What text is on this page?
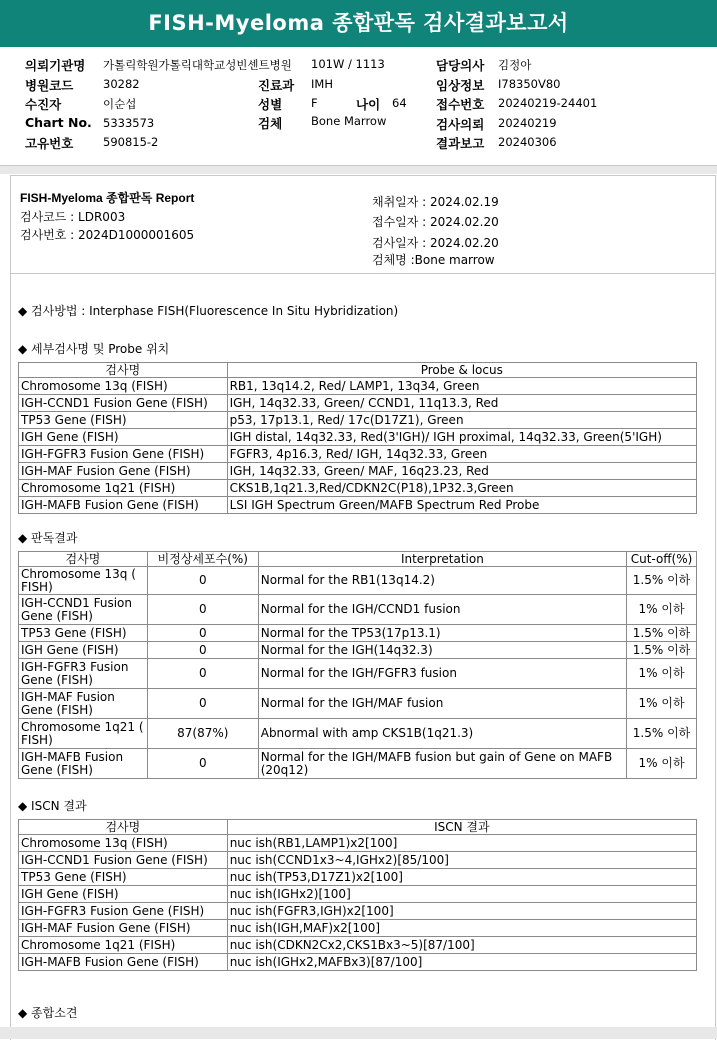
FISH-Myeloma 종합판독 검사결과보고서
의뢰기관명 가톨릭학원가톨릭대학교성빈센트병원 101W / 1113
병원코드	30282
수진자	이순섭
Chart No. 5333573
고유번호	590815-2
진료과 IMH
성별	F	나이 64
검체	Bone Marrow
담당의사 김정아
임상정보 I78350V80
접수번호 20240219-24401
검사의뢰 20240219
결과보고 20240306
FISH-Myeloma 종합판독 Report
검사코드 : LDR003
검사번호 : 2024D1000001605
채취일자 : 2024.02.19
접수일자 : 2024.02.20
검사일자 : 2024.02.20
검체명 :Bone marrow
◆ 검사방법 : Interphase FISH(Fluorescence In Situ Hybridization)
◆ 세부검사명 및 Probe 위치
검사명	Probe & locus
Chromosome 13q (FISH)	RB1, 13q14.2, Red/ LAMP1, 13q34, Green
IGH-CCND1 Fusion Gene (FISH)	IGH, 14q32.33, Green/ CCND1, 11q13.3, Red
TP53 Gene (FISH)	p53, 17p13.1, Red/ 17c(D17Z1), Green
IGH Gene (FISH)	IGH distal, 14q32.33, Red(3'IGH)/ IGH proximal, 14q32.33, Green(5'IGH)
IGH-FGFR3 Fusion Gene (FISH)	FGFR3, 4p16.3, Red/ IGH, 14q32.33, Green
IGH-MAF Fusion Gene (FISH)	IGH, 14q32.33, Green/ MAF, 16q23.23, Red
Chromosome 1q21 (FISH)	CKS1B,1q21.3,Red/CDKN2C(P18),1P32.3,Green
IGH-MAFB Fusion Gene (FISH)	LSI IGH Spectrum Green/MAFB Spectrum Red Probe
◆ 판독결과
검사명	비정상세포수(%)	Interpretation	Cut-off(%)
Chromosome 13q ( FISH)	0	Normal for the RB1(13q14.2)	1.5% 이하
IGH-CCND1 Fusion Gene (FISH)	0	Normal for the IGH/CCND1 fusion	1% 이하
TP53 Gene (FISH)	0	Normal for the TP53(17p13.1)	1.5% 이하
IGH Gene (FISH)	0	Normal for the IGH(14q32.3)	1.5% 이하
IGH-FGFR3 Fusion Gene (FISH)	0	Normal for the IGH/FGFR3 fusion	1% 이하
IGH-MAF Fusion Gene (FISH)	0	Normal for the IGH/MAF fusion	1% 이하
Chromosome 1q21 ( FISH)	87(87%)	Abnormal with amp CKS1B(1q21.3)	1.5% 이하
IGH-MAFB Fusion Gene (FISH)	0	Normal for the IGH/MAFB fusion but gain of Gene on MAFB (20q12)	1% 이하
◆ ISCN 결과
검사명	ISCN 결과
Chromosome 13q (FISH)	nuc ish(RB1,LAMP1)x2[100]
IGH-CCND1 Fusion Gene (FISH)	nuc ish(CCND1x3~4,IGHx2)[85/100]
TP53 Gene (FISH)	nuc ish(TP53,D17Z1)x2[100]
IGH Gene (FISH)	nuc ish(IGHx2)[100]
IGH-FGFR3 Fusion Gene (FISH)	nuc ish(FGFR3,IGH)x2[100]
IGH-MAF Fusion Gene (FISH)	nuc ish(IGH,MAF)x2[100]
Chromosome 1q21 (FISH)	nuc ish(CDKN2Cx2,CKS1Bx3~5)[87/100]
IGH-MAFB Fusion Gene (FISH)	nuc ish(IGHx2,MAFBx3)[87/100]
◆ 종합소견
